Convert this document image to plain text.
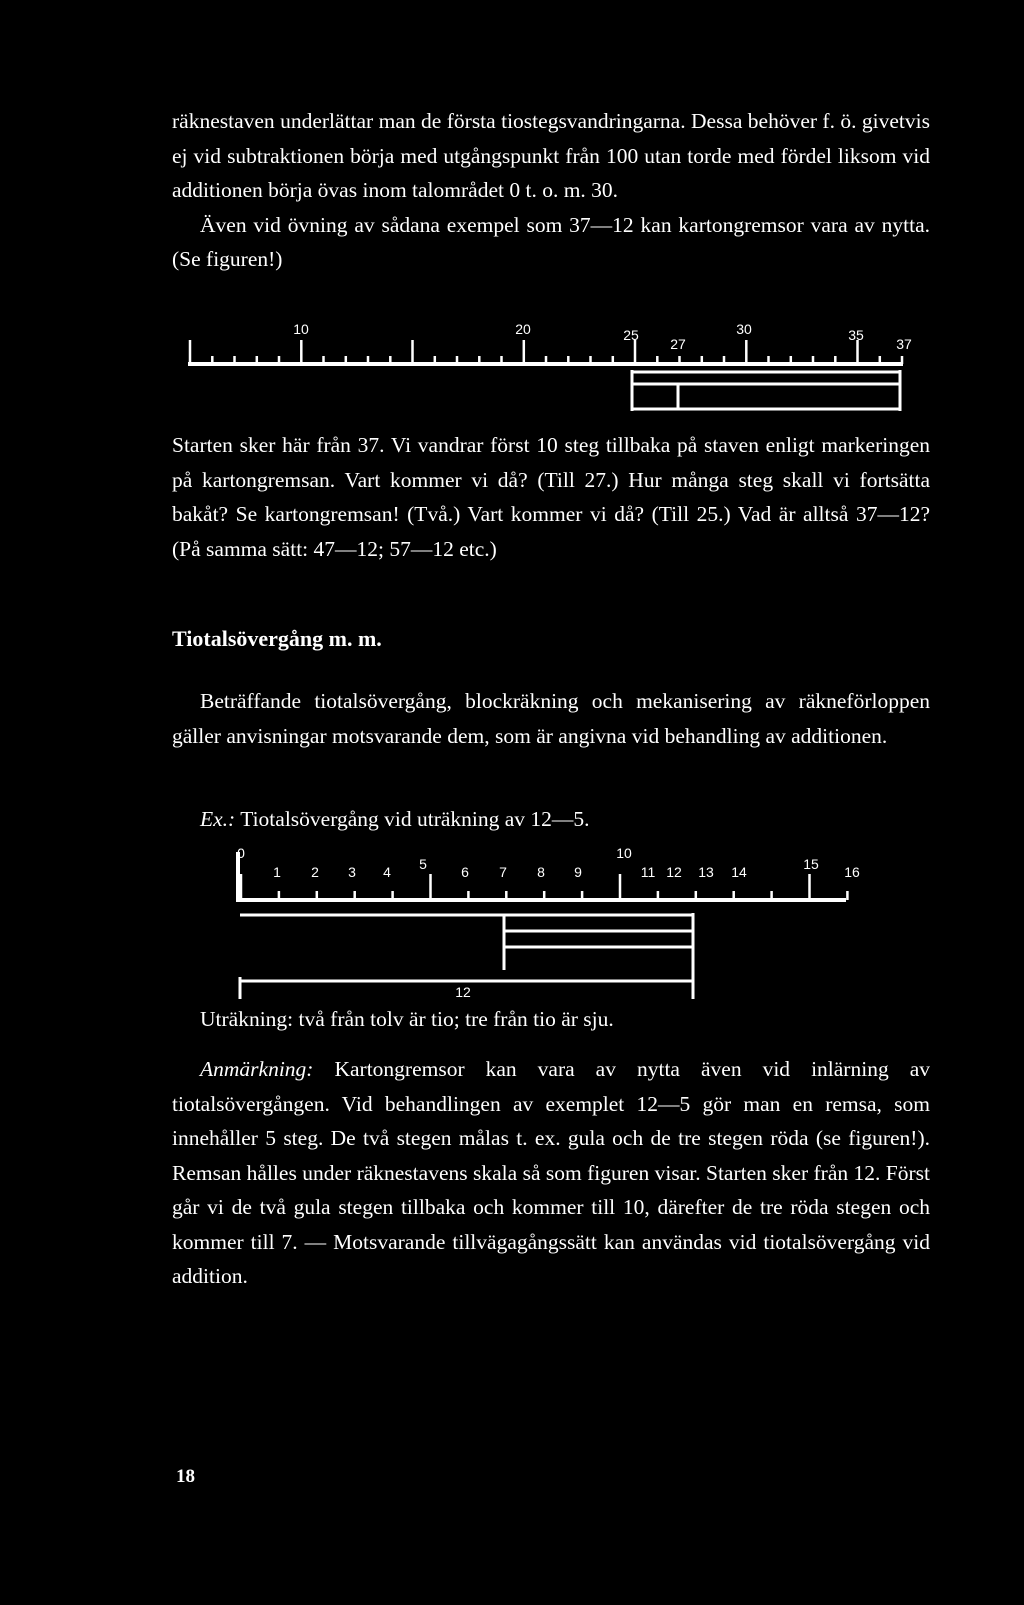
räknestaven underlättar man de första tiostegsvandringarna. Dessa behöver f. ö. givetvis ej vid subtraktionen börja med utgångspunkt från 100 utan torde med fördel liksom vid additionen börja övas inom talområdet 0 t. o. m. 30.

Även vid övning av sådana exempel som 37—12 kan kartongremsor vara av nytta. (Se figuren!)

10	20	25
27
30	35
37

Starten sker här från 37. Vi vandrar först 10 steg tillbaka på staven enligt markeringen på kartongremsan. Vart kommer vi då? (Till 27.) Hur många steg skall vi fortsätta bakåt? Se kartongremsan! (Två.) Vart kommer vi då? (Till 25.) Vad är alltså 37—12? (På samma sätt: 47—12; 57—12 etc.)

Tiotalsövergång m. m.

Beträffande tiotalsövergång, blockräkning och mekanisering av räkneförloppen gäller anvisningar motsvarande dem, som är angivna vid behandling av additionen.

Ex.: Tiotalsövergång vid uträkning av 12—5.

0
1 2 3 4 5 6 7 8 9
10
11 12 13 14	15 16
12

Uträkning: två från tolv är tio; tre från tio är sju.

Anmärkning: Kartongremsor kan vara av nytta även vid inlärning av tiotalsövergången. Vid behandlingen av exemplet 12—5 gör man en remsa, som innehåller 5 steg. De två stegen målas t. ex. gula och de tre stegen röda (se figuren!). Remsan hålles under räknestavens skala så som figuren visar. Starten sker från 12. Först går vi de två gula stegen tillbaka och kommer till 10, därefter de tre röda stegen och kommer till 7. — Motsvarande tillvägagångssätt kan användas vid tiotalsövergång vid addition.

18
